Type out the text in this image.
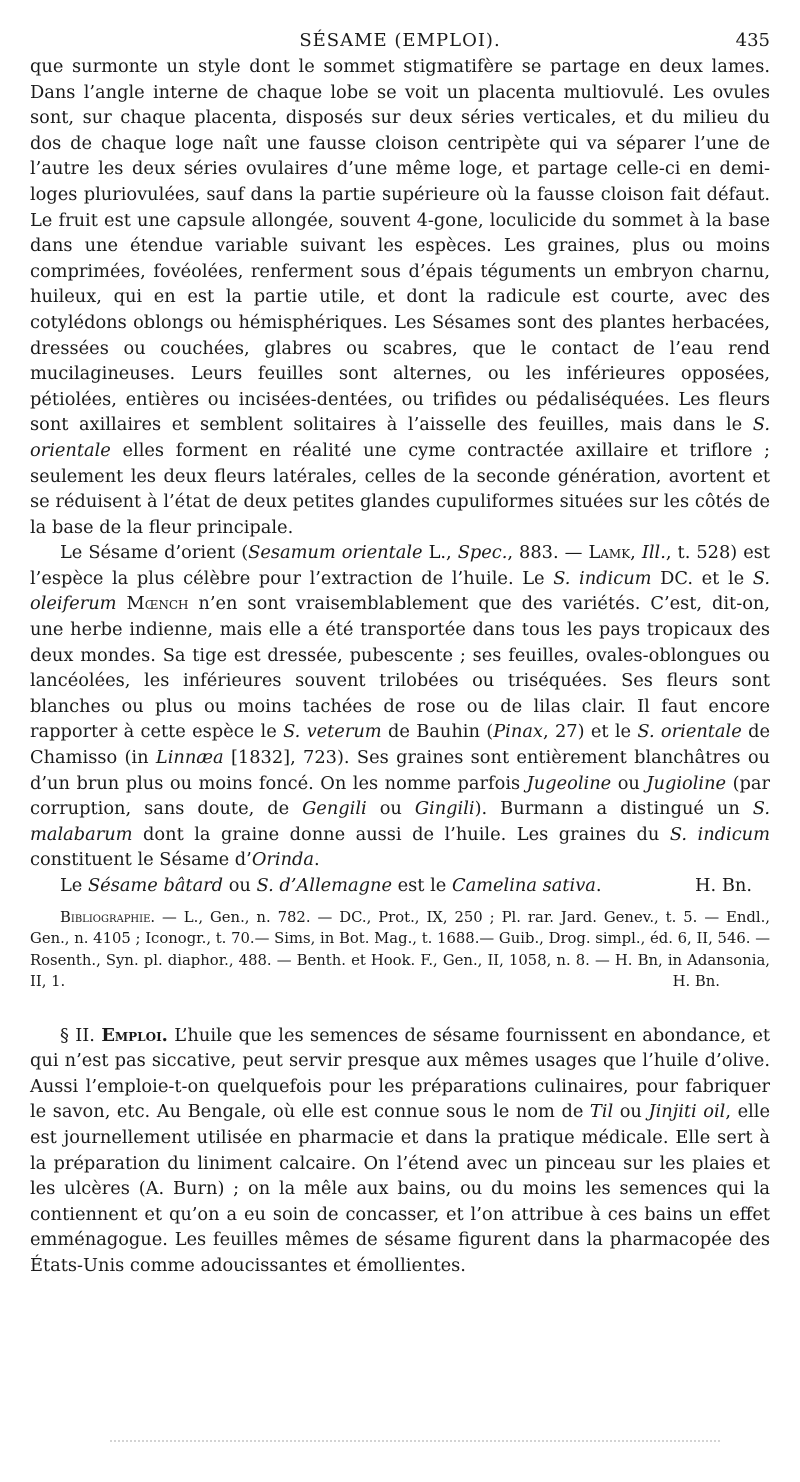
SÉSAME (EMPLOI).	435

que surmonte un style dont le sommet stigmatifère se partage en deux lames. Dans l’angle interne de chaque lobe se voit un placenta multiovulé. Les ovules sont, sur chaque placenta, disposés sur deux séries verticales, et du milieu du dos de chaque loge naît une fausse cloison centripète qui va séparer l’une de l’autre les deux séries ovulaires d’une même loge, et partage celle-ci en demi-loges pluriovulées, sauf dans la partie supérieure où la fausse cloison fait défaut. Le fruit est une capsule allongée, souvent 4-gone, loculicide du sommet à la base dans une étendue variable suivant les espèces. Les graines, plus ou moins comprimées, fovéolées, renferment sous d’épais téguments un embryon charnu, huileux, qui en est la partie utile, et dont la radicule est courte, avec des cotylédons oblongs ou hémisphériques. Les Sésames sont des plantes herbacées, dressées ou couchées, glabres ou scabres, que le contact de l’eau rend mucilagineuses. Leurs feuilles sont alternes, ou les inférieures opposées, pétiolées, entières ou incisées-dentées, ou trifides ou pédaliséquées. Les fleurs sont axillaires et semblent solitaires à l’aisselle des feuilles, mais dans le S. orientale elles forment en réalité une cyme contractée axillaire et triflore ; seulement les deux fleurs latérales, celles de la seconde génération, avortent et se réduisent à l’état de deux petites glandes cupuliformes situées sur les côtés de la base de la fleur principale.

Le Sésame d’orient (Sesamum orientale L., Spec., 883. — Lamk, Ill., t. 528) est l’espèce la plus célèbre pour l’extraction de l’huile. Le S. indicum DC. et le S. oleiferum Mœnch n’en sont vraisemblablement que des variétés. C’est, dit-on, une herbe indienne, mais elle a été transportée dans tous les pays tropicaux des deux mondes. Sa tige est dressée, pubescente ; ses feuilles, ovales-oblongues ou lancéolées, les inférieures souvent trilobées ou triséquées. Ses fleurs sont blanches ou plus ou moins tachées de rose ou de lilas clair. Il faut encore rapporter à cette espèce le S. veterum de Bauhin (Pinax, 27) et le S. orientale de Chamisso (in Linnæa [1832], 723). Ses graines sont entièrement blanchâtres ou d’un brun plus ou moins foncé. On les nomme parfois Jugeoline ou Jugioline (par corruption, sans doute, de Gengili ou Gingili). Burmann a distingué un S. malabarum dont la graine donne aussi de l’huile. Les graines du S. indicum constituent le Sésame d’Orinda.

Le Sésame bâtard ou S. d’Allemagne est le Camelina sativa.	H. Bn.

Bibliographie. — L., Gen., n. 782. — DC., Prot., IX, 250 ; Pl. rar. Jard. Genev., t. 5. — Endl., Gen., n. 4105 ; Iconogr., t. 70.— Sims, in Bot. Mag., t. 1688.— Guib., Drog. simpl., éd. 6, II, 546. — Rosenth., Syn. pl. diaphor., 488. — Benth. et Hook. F., Gen., II, 1058, n. 8. — H. Bn, in Adansonia, II, 1.	H. Bn.

§ II. Emploi. L’huile que les semences de sésame fournissent en abondance, et qui n’est pas siccative, peut servir presque aux mêmes usages que l’huile d’olive. Aussi l’emploie-t-on quelquefois pour les préparations culinaires, pour fabriquer le savon, etc. Au Bengale, où elle est connue sous le nom de Til ou Jinjiti oil, elle est journellement utilisée en pharmacie et dans la pratique médicale. Elle sert à la préparation du liniment calcaire. On l’étend avec un pinceau sur les plaies et les ulcères (A. Burn) ; on la mêle aux bains, ou du moins les semences qui la contiennent et qu’on a eu soin de concasser, et l’on attribue à ces bains un effet emménagogue. Les feuilles mêmes de sésame figurent dans la pharmacopée des États-Unis comme adoucissantes et émollientes.
